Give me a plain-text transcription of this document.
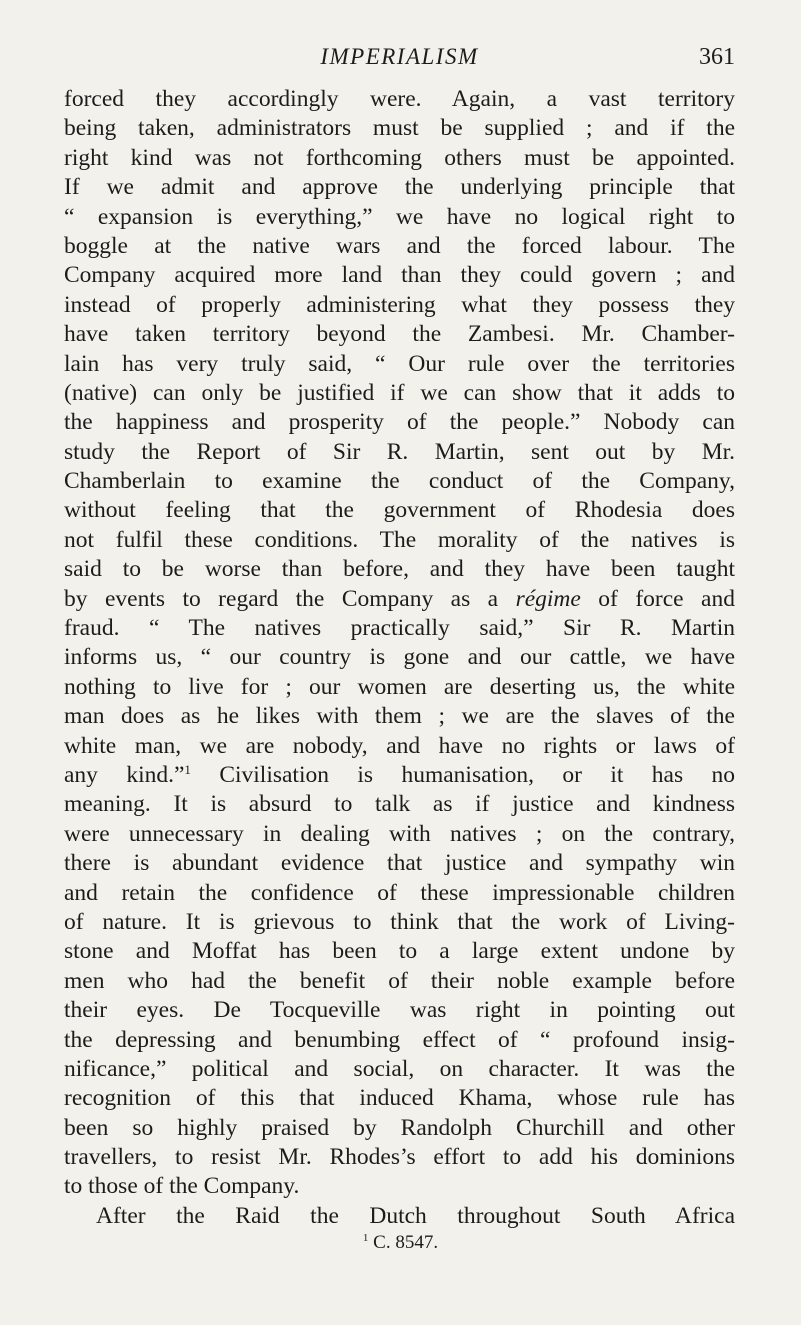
IMPERIALISM	361
forced they accordingly were. Again, a vast territory
being taken, administrators must be supplied ; and if the
right kind was not forthcoming others must be appointed.
If we admit and approve the underlying principle that
“ expansion is everything,” we have no logical right to
boggle at the native wars and the forced labour. The
Company acquired more land than they could govern ; and
instead of properly administering what they possess they
have taken territory beyond the Zambesi. Mr. Chamber-
lain has very truly said, “ Our rule over the territories
(native) can only be justified if we can show that it adds to
the happiness and prosperity of the people.” Nobody can
study the Report of Sir R. Martin, sent out by Mr.
Chamberlain to examine the conduct of the Company,
without feeling that the government of Rhodesia does
not fulfil these conditions. The morality of the natives is
said to be worse than before, and they have been taught
by events to regard the Company as a régime of force and
fraud. “ The natives practically said,” Sir R. Martin
informs us, “ our country is gone and our cattle, we have
nothing to live for ; our women are deserting us, the white
man does as he likes with them ; we are the slaves of the
white man, we are nobody, and have no rights or laws of
any kind.”$^1$ Civilisation is humanisation, or it has no
meaning. It is absurd to talk as if justice and kindness
were unnecessary in dealing with natives ; on the contrary,
there is abundant evidence that justice and sympathy win
and retain the confidence of these impressionable children
of nature. It is grievous to think that the work of Living-
stone and Moffat has been to a large extent undone by
men who had the benefit of their noble example before
their eyes. De Tocqueville was right in pointing out
the depressing and benumbing effect of “ profound insig-
nificance,” political and social, on character. It was the
recognition of this that induced Khama, whose rule has
been so highly praised by Randolph Churchill and other
travellers, to resist Mr. Rhodes’s effort to add his dominions
to those of the Company.
After the Raid the Dutch throughout South Africa
$^1$ C. 8547.
